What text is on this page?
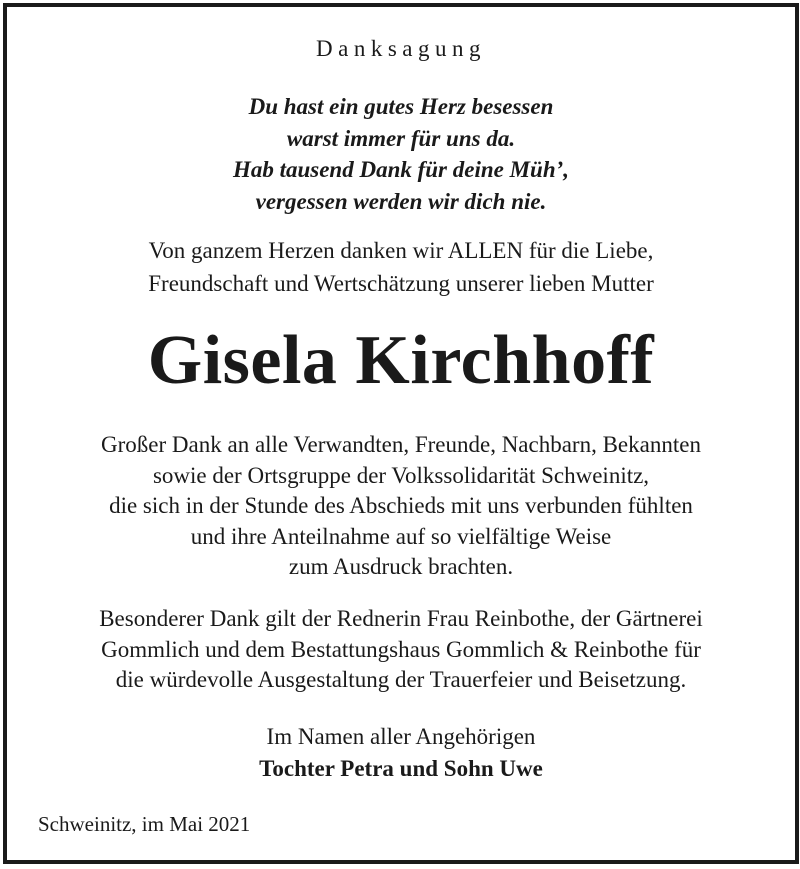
Danksagung
Du hast ein gutes Herz besessen
warst immer für uns da.
Hab tausend Dank für deine Müh’,
vergessen werden wir dich nie.
Von ganzem Herzen danken wir ALLEN für die Liebe,
Freundschaft und Wertschätzung unserer lieben Mutter
Gisela Kirchhoff
Großer Dank an alle Verwandten, Freunde, Nachbarn, Bekannten
sowie der Ortsgruppe der Volkssolidarität Schweinitz,
die sich in der Stunde des Abschieds mit uns verbunden fühlten
und ihre Anteilnahme auf so vielfältige Weise
zum Ausdruck brachten.
Besonderer Dank gilt der Rednerin Frau Reinbothe, der Gärtnerei
Gommlich und dem Bestattungshaus Gommlich & Reinbothe für
die würdevolle Ausgestaltung der Trauerfeier und Beisetzung.
Im Namen aller Angehörigen
Tochter Petra und Sohn Uwe
Schweinitz, im Mai 2021
